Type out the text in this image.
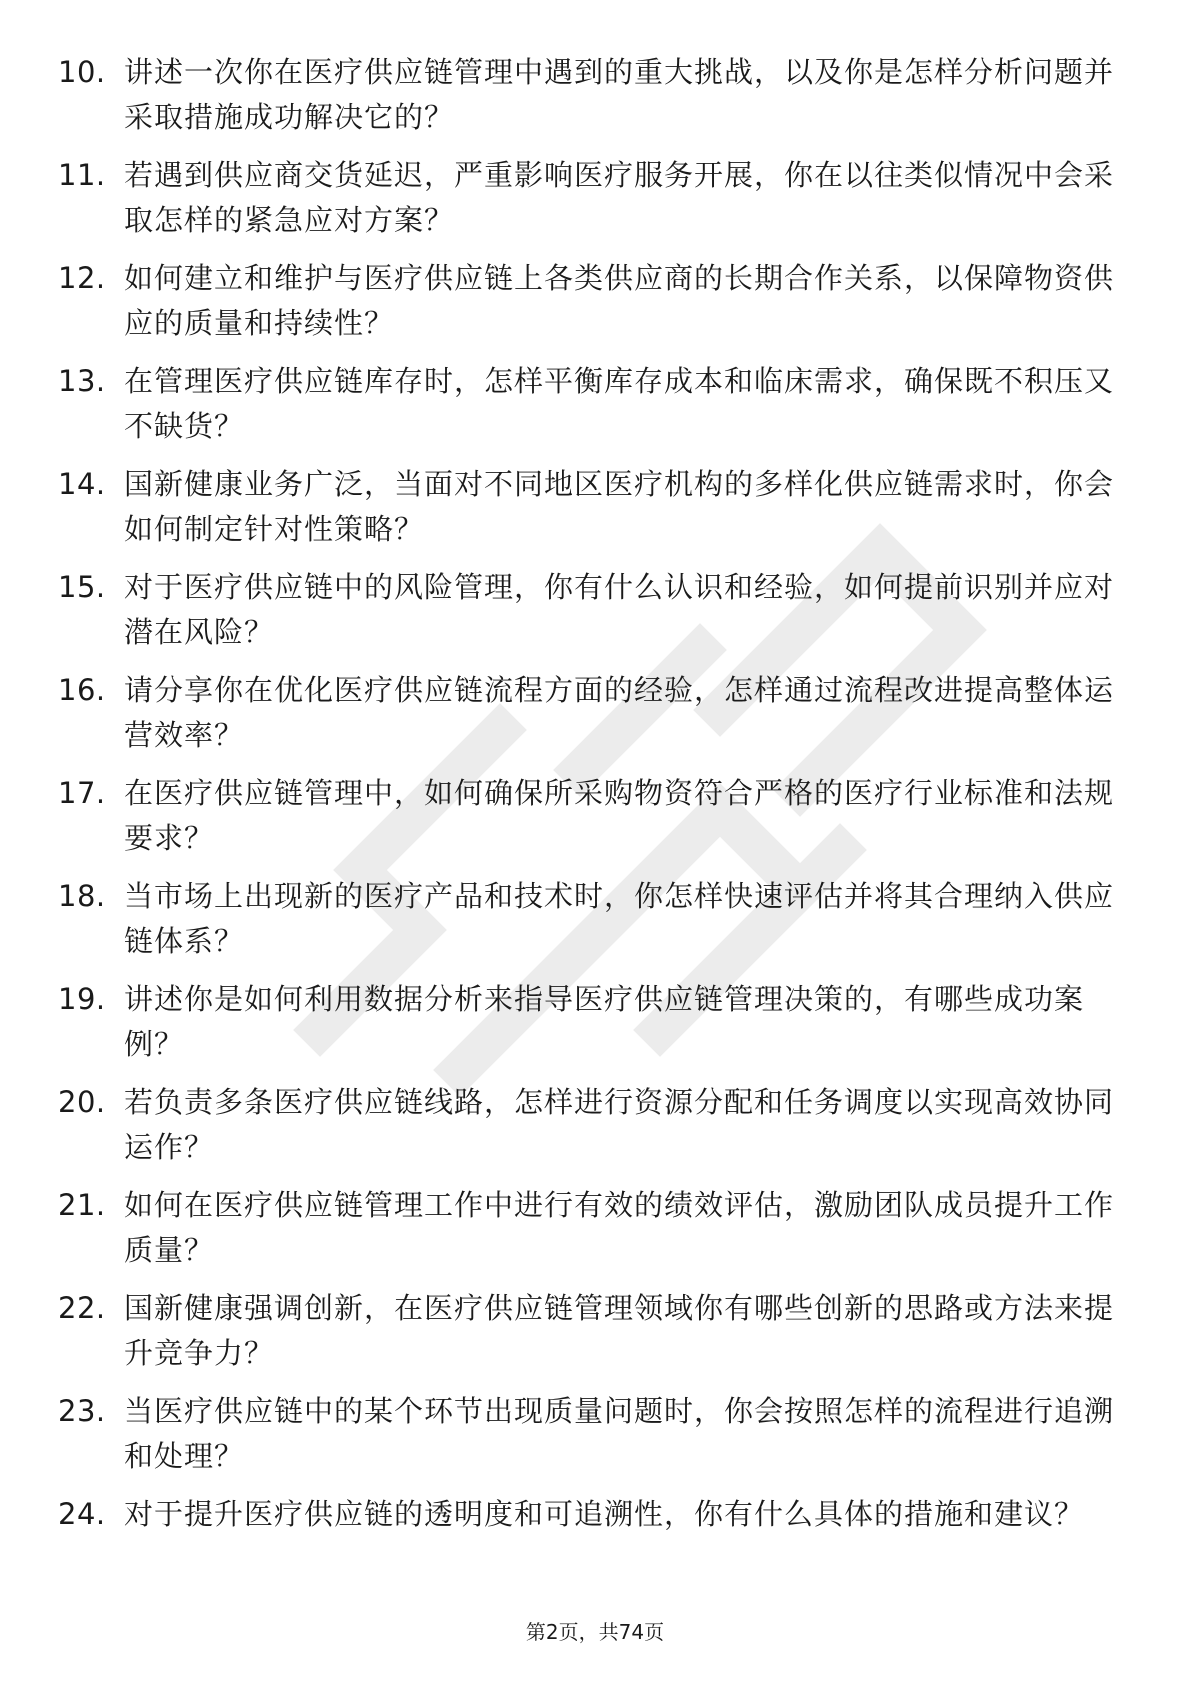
10. 讲述一次你在医疗供应链管理中遇到的重大挑战，以及你是怎样分析问题并采取措施成功解决它的？
11. 若遇到供应商交货延迟，严重影响医疗服务开展，你在以往类似情况中会采取怎样的紧急应对方案？
12. 如何建立和维护与医疗供应链上各类供应商的长期合作关系，以保障物资供应的质量和持续性？
13. 在管理医疗供应链库存时，怎样平衡库存成本和临床需求，确保既不积压又不缺货？
14. 国新健康业务广泛，当面对不同地区医疗机构的多样化供应链需求时，你会如何制定针对性策略？
15. 对于医疗供应链中的风险管理，你有什么认识和经验，如何提前识别并应对潜在风险？
16. 请分享你在优化医疗供应链流程方面的经验，怎样通过流程改进提高整体运营效率？
17. 在医疗供应链管理中，如何确保所采购物资符合严格的医疗行业标准和法规要求？
18. 当市场上出现新的医疗产品和技术时，你怎样快速评估并将其合理纳入供应链体系？
19. 讲述你是如何利用数据分析来指导医疗供应链管理决策的，有哪些成功案例？
20. 若负责多条医疗供应链线路，怎样进行资源分配和任务调度以实现高效协同运作？
21. 如何在医疗供应链管理工作中进行有效的绩效评估，激励团队成员提升工作质量？
22. 国新健康强调创新，在医疗供应链管理领域你有哪些创新的思路或方法来提升竞争力？
23. 当医疗供应链中的某个环节出现质量问题时，你会按照怎样的流程进行追溯和处理？
24. 对于提升医疗供应链的透明度和可追溯性，你有什么具体的措施和建议？
第2页，共74页
